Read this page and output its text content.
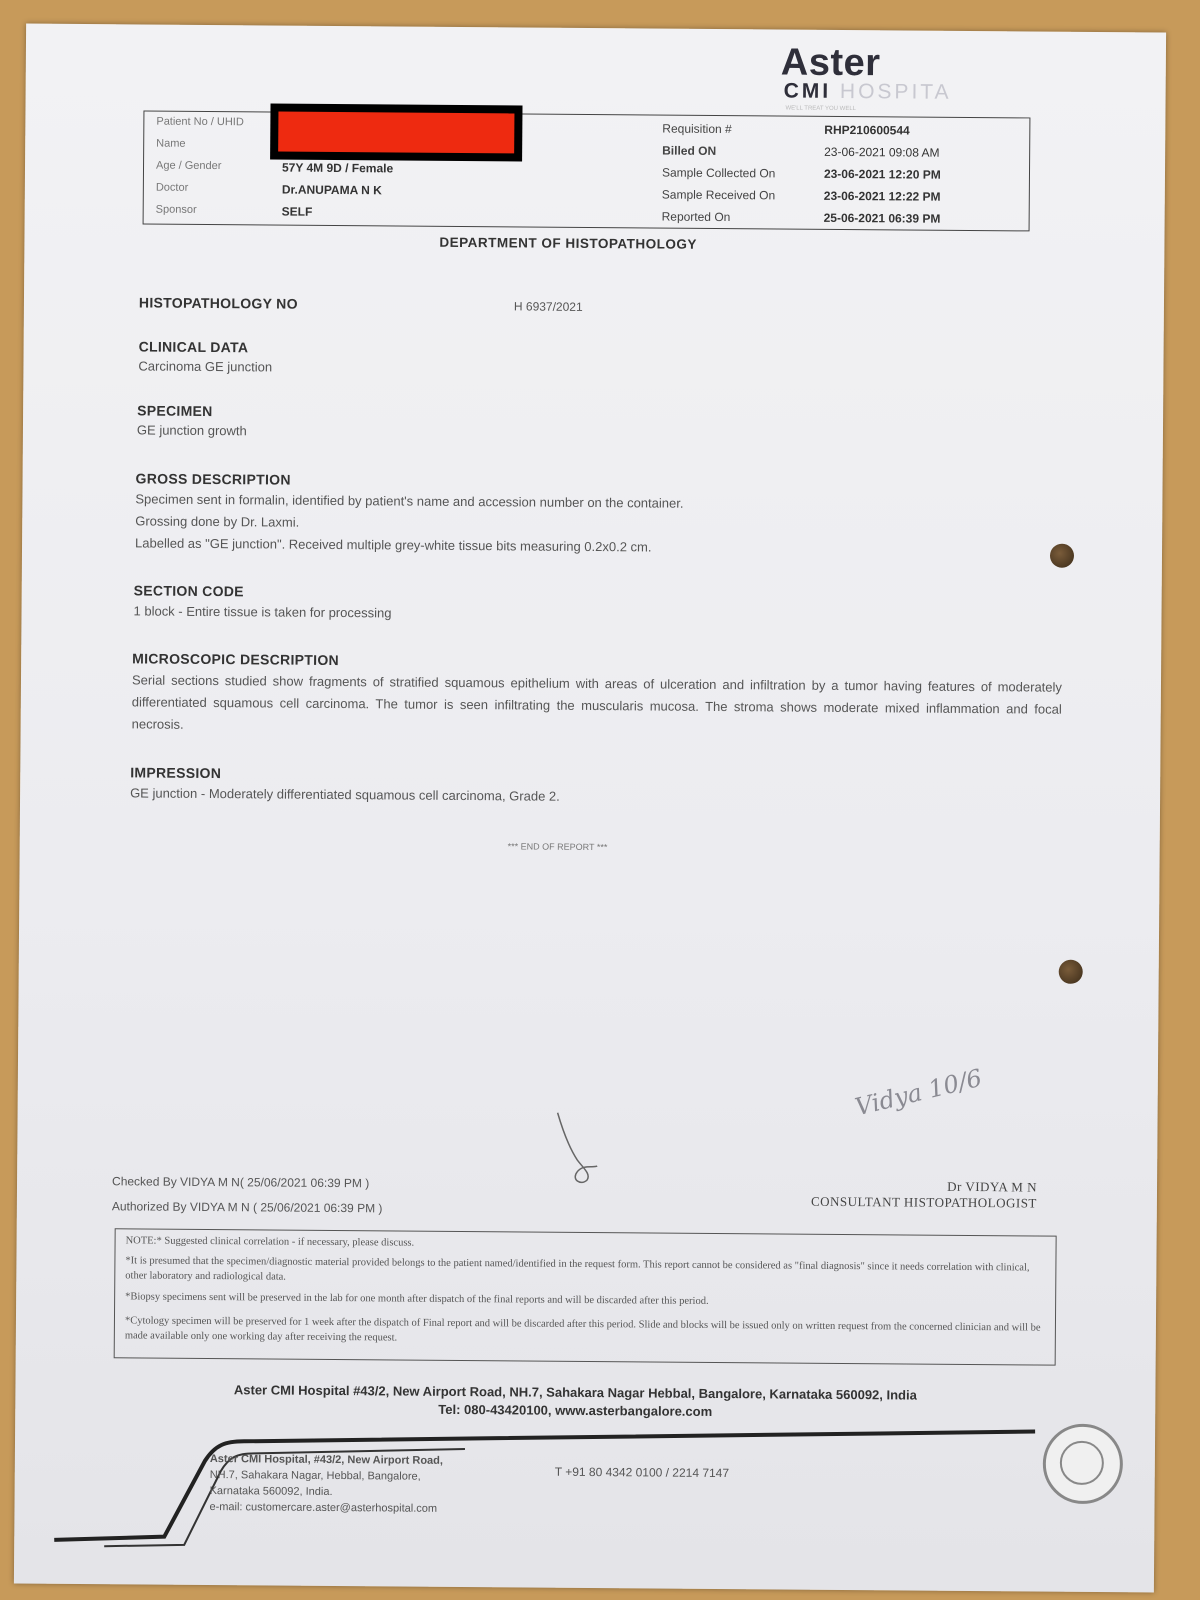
Aster
CMI HOSPITA
WE'LL TREAT YOU WELL
Patient No / UHID
Name
Age / Gender
Doctor
Sponsor
57Y 4M 9D / Female
Dr.ANUPAMA N K
SELF
Requisition #
Billed ON
Sample Collected On
Sample Received On
Reported On
RHP210600544
23-06-2021 09:08 AM
23-06-2021 12:20 PM
23-06-2021 12:22 PM
25-06-2021 06:39 PM
DEPARTMENT OF HISTOPATHOLOGY
HISTOPATHOLOGY NO	H 6937/2021
CLINICAL DATA
Carcinoma GE junction
SPECIMEN
GE junction growth
GROSS DESCRIPTION
Specimen sent in formalin, identified by patient's name and accession number on the container.
Grossing done by Dr. Laxmi.
Labelled as "GE junction". Received multiple grey-white tissue bits measuring 0.2x0.2 cm.
SECTION CODE
1 block - Entire tissue is taken for processing
MICROSCOPIC DESCRIPTION
Serial sections studied show fragments of stratified squamous epithelium with areas of ulceration and infiltration by a tumor having features of moderately differentiated squamous cell carcinoma. The tumor is seen infiltrating the muscularis mucosa. The stroma shows moderate mixed inflammation and focal necrosis.
IMPRESSION
GE junction - Moderately differentiated squamous cell carcinoma, Grade 2.
*** END OF REPORT ***
Vidya 10/6
Checked By VIDYA M N( 25/06/2021 06:39 PM )
Authorized By VIDYA M N ( 25/06/2021 06:39 PM )
Dr VIDYA M N
CONSULTANT HISTOPATHOLOGIST
NOTE:* Suggested clinical correlation - if necessary, please discuss.
*It is presumed that the specimen/diagnostic material provided belongs to the patient named/identified in the request form. This report cannot be considered as "final diagnosis" since it needs correlation with clinical, other laboratory and radiological data.
*Biopsy specimens sent will be preserved in the lab for one month after dispatch of the final reports and will be discarded after this period.
*Cytology specimen will be preserved for 1 week after the dispatch of Final report and will be discarded after this period. Slide and blocks will be issued only on written request from the concerned clinician and will be made available only one working day after receiving the request.
Aster CMI Hospital #43/2, New Airport Road, NH.7, Sahakara Nagar Hebbal, Bangalore, Karnataka 560092, India
Tel: 080-43420100, www.asterbangalore.com
Aster CMI Hospital, #43/2, New Airport Road,
NH.7, Sahakara Nagar, Hebbal, Bangalore,
Karnataka 560092, India.
e-mail: customercare.aster@asterhospital.com
T +91 80 4342 0100 / 2214 7147
